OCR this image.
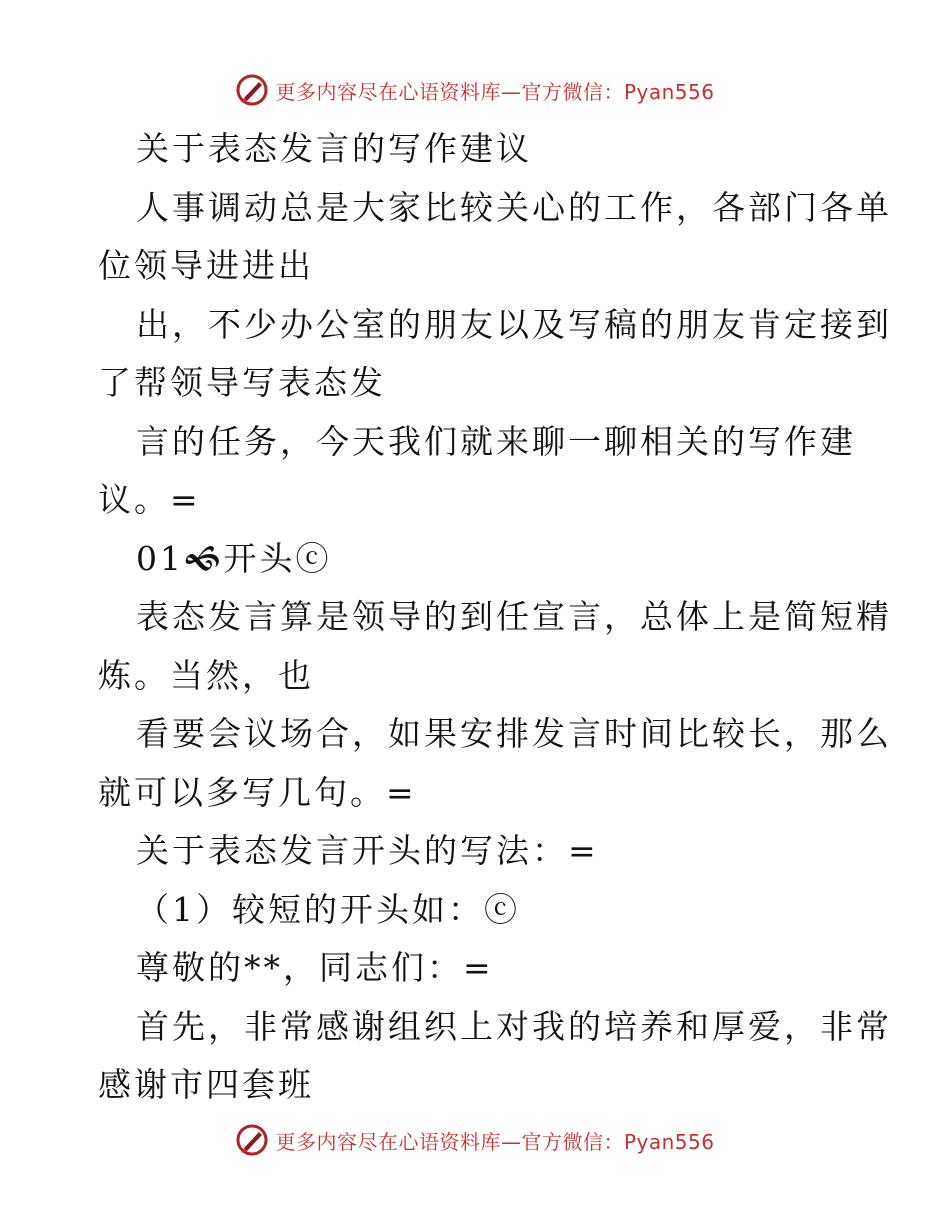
更多内容尽在心语资料库—官方微信：Pyan556
关于表态发言的写作建议
人事调动总是大家比较关心的工作，各部门各单
位领导进进出
出，不少办公室的朋友以及写稿的朋友肯定接到
了帮领导写表态发
言的任务，今天我们就来聊一聊相关的写作建
议。=
01🙜开头ⓒ
表态发言算是领导的到任宣言，总体上是简短精
炼。当然，也
看要会议场合，如果安排发言时间比较长，那么
就可以多写几句。=
关于表态发言开头的写法：=
（1）较短的开头如：ⓒ
尊敬的**，同志们：=
首先，非常感谢组织上对我的培养和厚爱，非常
感谢市四套班
更多内容尽在心语资料库—官方微信：Pyan556
